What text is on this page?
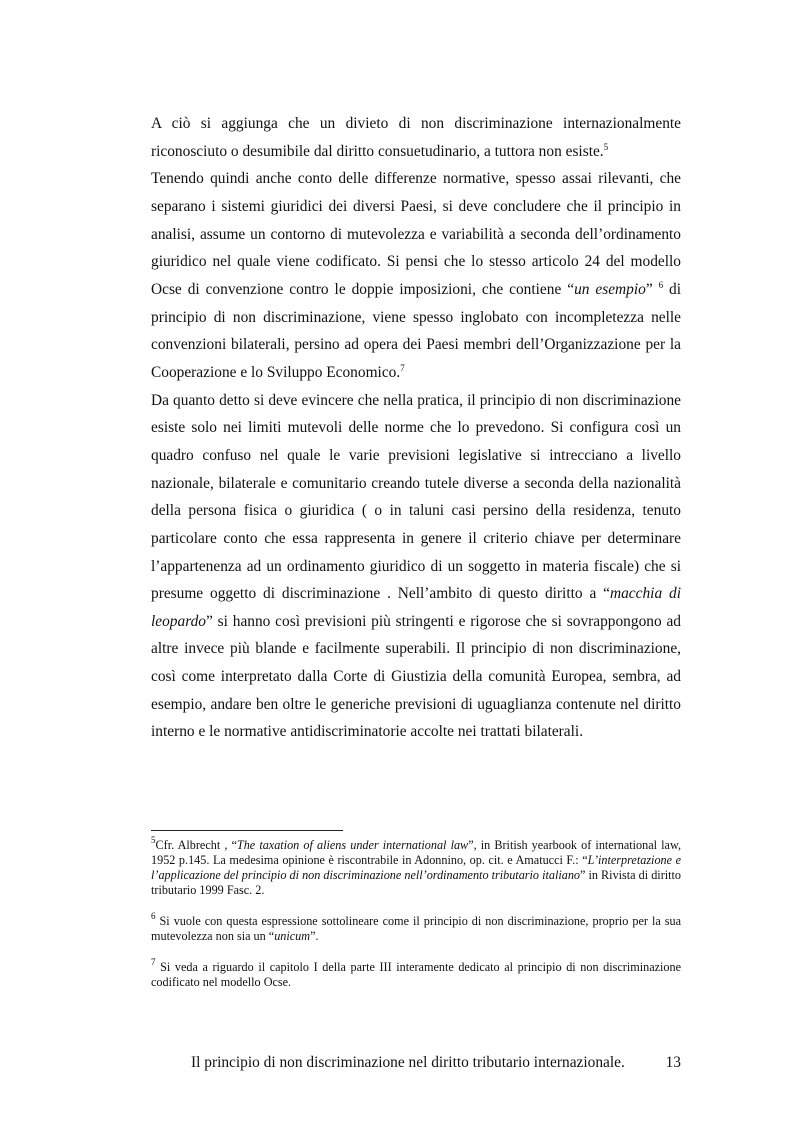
A ciò si aggiunga che un divieto di non discriminazione internazionalmente riconosciuto o desumibile dal diritto consuetudinario, a tuttora non esiste.$^5$

Tenendo quindi anche conto delle differenze normative, spesso assai rilevanti, che separano i sistemi giuridici dei diversi Paesi, si deve concludere che il principio in analisi, assume un contorno di mutevolezza e variabilità a seconda dell’ordinamento giuridico nel quale viene codificato. Si pensi che lo stesso articolo 24 del modello Ocse di convenzione contro le doppie imposizioni, che contiene “un esempio” $^6$ di principio di non discriminazione, viene spesso inglobato con incompletezza nelle convenzioni bilaterali, persino ad opera dei Paesi membri dell’Organizzazione per la Cooperazione e lo Sviluppo Economico.$^7$

Da quanto detto si deve evincere che nella pratica, il principio di non discriminazione esiste solo nei limiti mutevoli delle norme che lo prevedono. Si configura così un quadro confuso nel quale le varie previsioni legislative si intrecciano a livello nazionale, bilaterale e comunitario creando tutele diverse a seconda della nazionalità della persona fisica o giuridica ( o in taluni casi persino della residenza, tenuto particolare conto che essa rappresenta in genere il criterio chiave per determinare l’appartenenza ad un ordinamento giuridico di un soggetto in materia fiscale) che si presume oggetto di discriminazione . Nell’ambito di questo diritto a “macchia di leopardo” si hanno così previsioni più stringenti e rigorose che si sovrappongono ad altre invece più blande e facilmente superabili. Il principio di non discriminazione, così come interpretato dalla Corte di Giustizia della comunità Europea, sembra, ad esempio, andare ben oltre le generiche previsioni di uguaglianza contenute nel diritto interno e le normative antidiscriminatorie accolte nei trattati bilaterali.

$^5$Cfr. Albrecht , “The taxation of aliens under international law”, in British yearbook of international law, 1952 p.145. La medesima opinione è riscontrabile in Adonnino, op. cit. e Amatucci F.: “L’interpretazione e l’applicazione del principio di non discriminazione nell’ordinamento tributario italiano” in Rivista di diritto tributario 1999 Fasc. 2.
$^6$ Si vuole con questa espressione sottolineare come il principio di non discriminazione, proprio per la sua mutevolezza non sia un “unicum”.
$^7$ Si veda a riguardo il capitolo I della parte III interamente dedicato al principio di non discriminazione codificato nel modello Ocse.
Il principio di non discriminazione nel diritto tributario internazionale.	13
